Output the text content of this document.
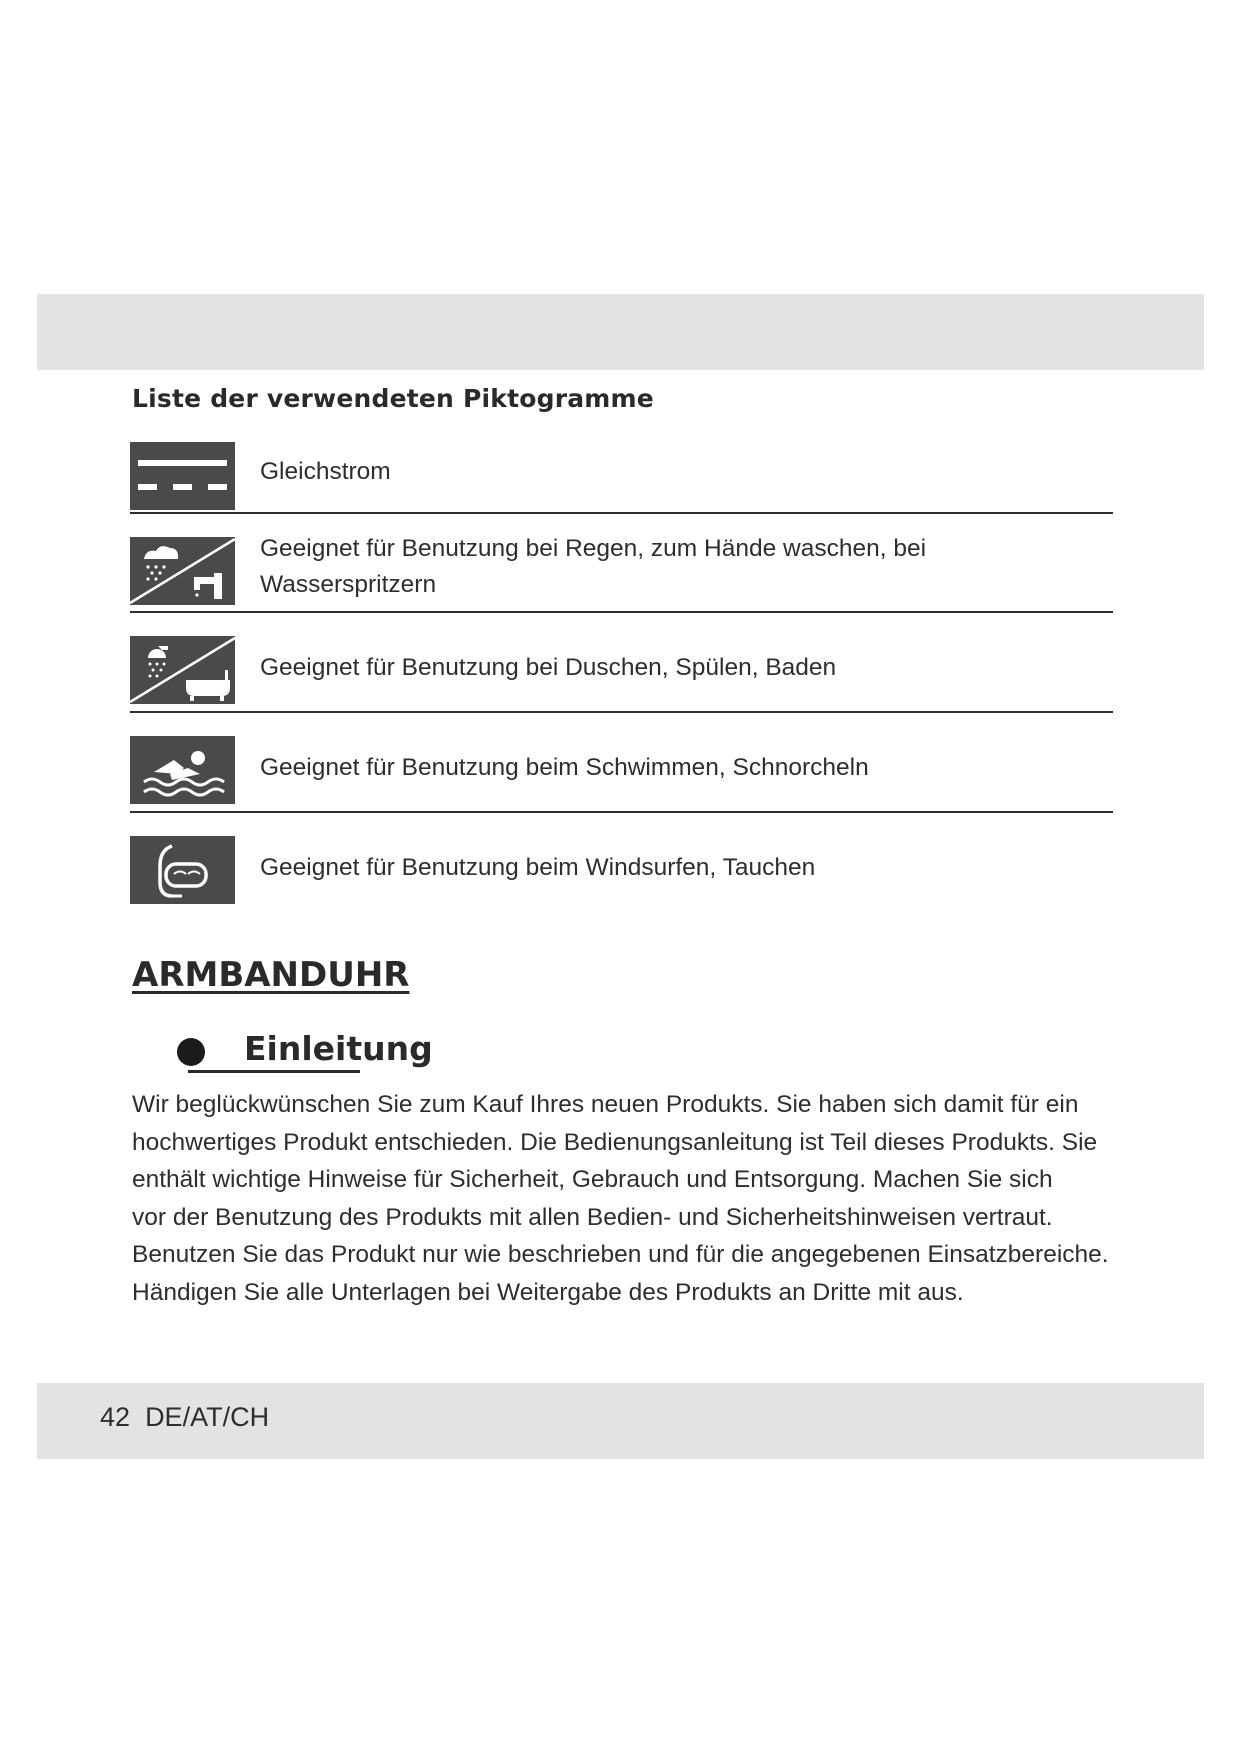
Liste der verwendeten Piktogramme
Gleichstrom
Geeignet für Benutzung bei Regen, zum Hände waschen, bei
Wasserspritzern
Geeignet für Benutzung bei Duschen, Spülen, Baden
Geeignet für Benutzung beim Schwimmen, Schnorcheln
Geeignet für Benutzung beim Windsurfen, Tauchen
ARMBANDUHR
Einleitung
Wir beglückwünschen Sie zum Kauf Ihres neuen Produkts. Sie haben sich damit für ein
hochwertiges Produkt entschieden. Die Bedienungsanleitung ist Teil dieses Produkts. Sie
enthält wichtige Hinweise für Sicherheit, Gebrauch und Entsorgung. Machen Sie sich
vor der Benutzung des Produkts mit allen Bedien- und Sicherheitshinweisen vertraut.
Benutzen Sie das Produkt nur wie beschrieben und für die angegebenen Einsatzbereiche.
Händigen Sie alle Unterlagen bei Weitergabe des Produkts an Dritte mit aus.
42 DE/AT/CH
